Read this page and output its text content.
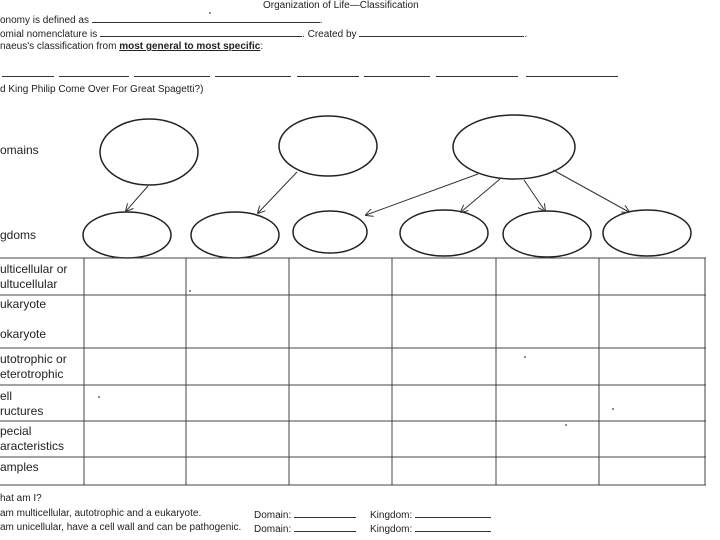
Organization of Life—Classification
onomy is defined as	.
omial nomenclature is	. Created by	.
naeus's classification from most general to most specific:
d King Philip Come Over For Great Spagetti?)
omains
gdoms
ulticellular or
ultucellular
ukaryote

okaryote
utotrophic or
eterotrophic
ell
ructures
pecial
aracteristics
amples
hat am I?
am multicellular, autotrophic and a eukaryote.	Domain:	Kingdom:
am unicellular, have a cell wall and can be pathogenic. Domain:	Kingdom:
